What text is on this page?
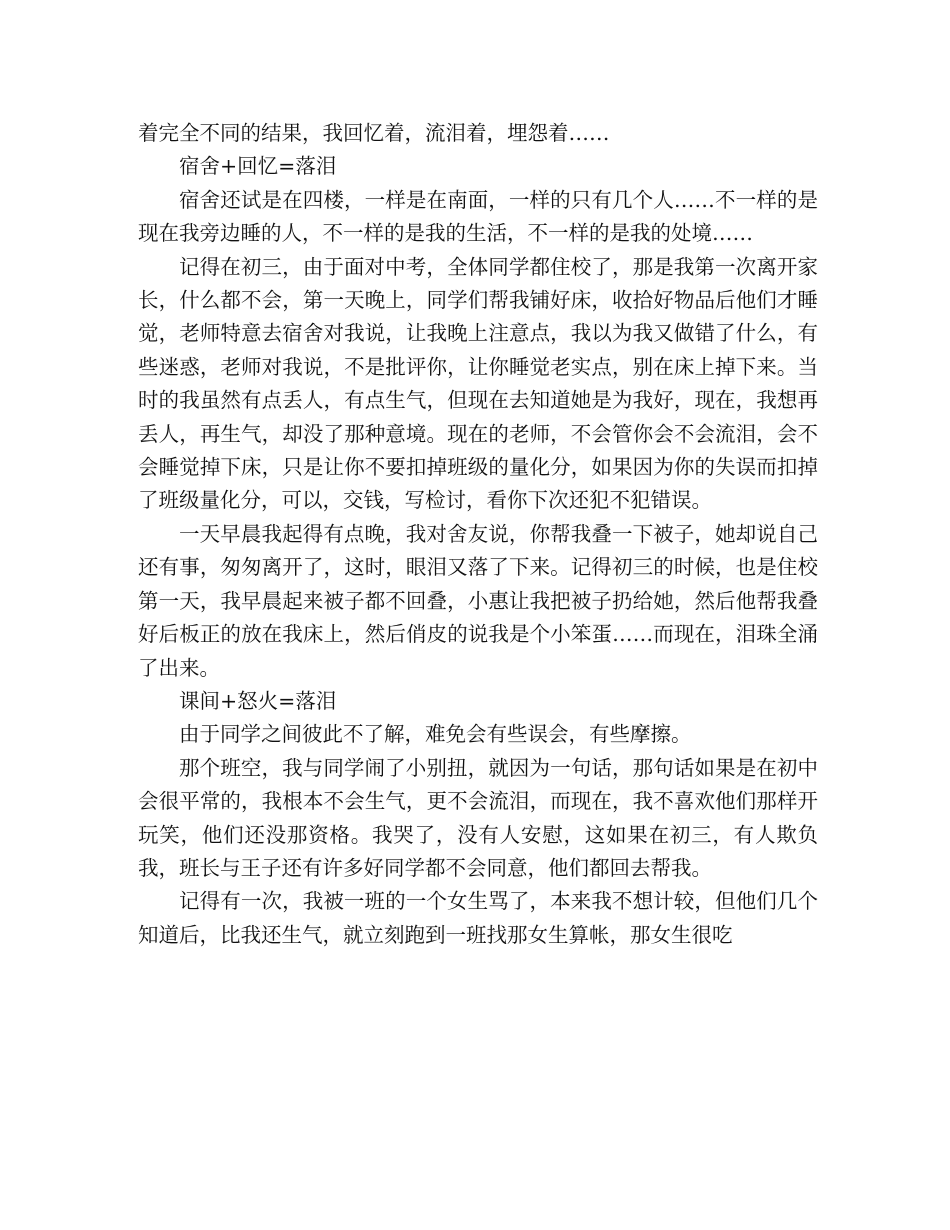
着完全不同的结果，我回忆着，流泪着，埋怨着……

宿舍+回忆=落泪

宿舍还试是在四楼，一样是在南面，一样的只有几个人……不一样的是现在我旁边睡的人，不一样的是我的生活，不一样的是我的处境……

记得在初三，由于面对中考，全体同学都住校了，那是我第一次离开家长，什么都不会，第一天晚上，同学们帮我铺好床，收拾好物品后他们才睡觉，老师特意去宿舍对我说，让我晚上注意点，我以为我又做错了什么，有些迷惑，老师对我说，不是批评你，让你睡觉老实点，别在床上掉下来。当时的我虽然有点丢人，有点生气，但现在去知道她是为我好，现在，我想再丢人，再生气，却没了那种意境。现在的老师，不会管你会不会流泪，会不会睡觉掉下床，只是让你不要扣掉班级的量化分，如果因为你的失误而扣掉了班级量化分，可以，交钱，写检讨，看你下次还犯不犯错误。

一天早晨我起得有点晚，我对舍友说，你帮我叠一下被子，她却说自己还有事，匆匆离开了，这时，眼泪又落了下来。记得初三的时候，也是住校第一天，我早晨起来被子都不回叠，小惠让我把被子扔给她，然后他帮我叠好后板正的放在我床上，然后俏皮的说我是个小笨蛋……而现在，泪珠全涌了出来。

课间+怒火=落泪

由于同学之间彼此不了解，难免会有些误会，有些摩擦。

那个班空，我与同学闹了小别扭，就因为一句话，那句话如果是在初中会很平常的，我根本不会生气，更不会流泪，而现在，我不喜欢他们那样开玩笑，他们还没那资格。我哭了，没有人安慰，这如果在初三，有人欺负我，班长与王子还有许多好同学都不会同意，他们都回去帮我。

记得有一次，我被一班的一个女生骂了，本来我不想计较，但他们几个知道后，比我还生气，就立刻跑到一班找那女生算帐，那女生很吃
